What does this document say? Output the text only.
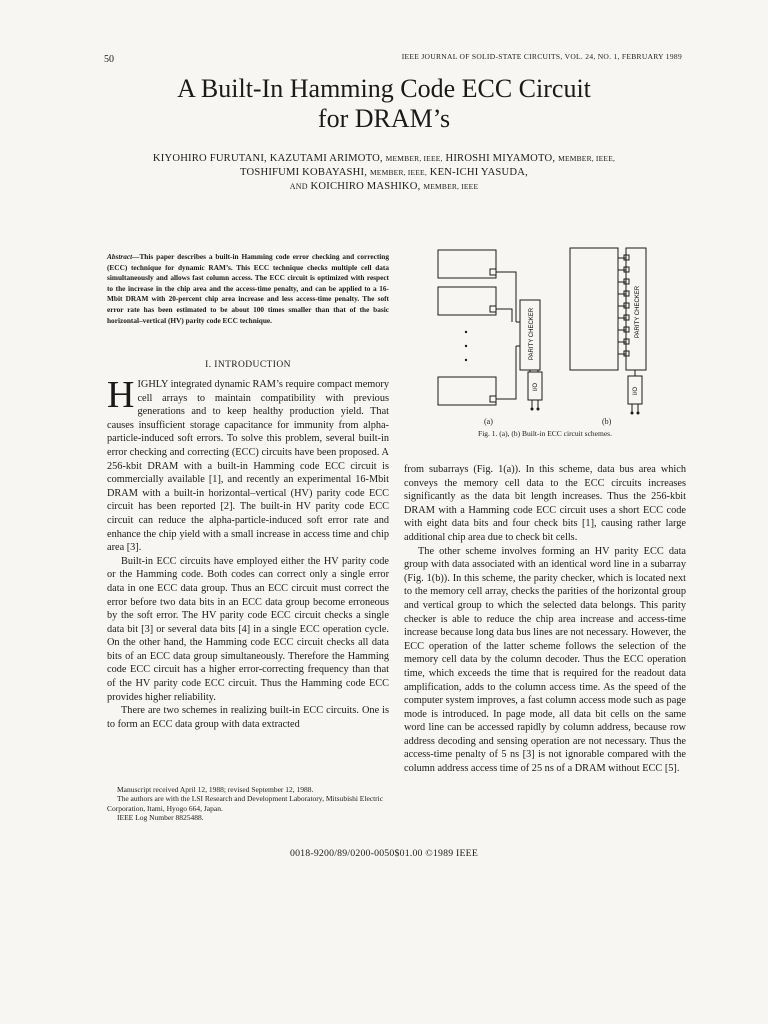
50	IEEE JOURNAL OF SOLID-STATE CIRCUITS, VOL. 24, NO. 1, FEBRUARY 1989
A Built-In Hamming Code ECC Circuit
for DRAM’s
KIYOHIRO FURUTANI, KAZUTAMI ARIMOTO, MEMBER, IEEE, HIROSHI MIYAMOTO, MEMBER, IEEE,
TOSHIFUMI KOBAYASHI, MEMBER, IEEE, KEN-ICHI YASUDA,
AND KOICHIRO MASHIKO, MEMBER, IEEE
Abstract—This paper describes a built-in Hamming code error checking and correcting (ECC) technique for dynamic RAM’s. This ECC technique checks multiple cell data simultaneously and allows fast column access. The ECC circuit is optimized with respect to the increase in the chip area and the access-time penalty, and can be applied to a 16-Mbit DRAM with 20-percent chip area increase and less access-time penalty. The soft error rate has been estimated to be about 100 times smaller than that of the basic horizontal–vertical (HV) parity code ECC technique.
I. INTRODUCTION

HIGHLY integrated dynamic RAM’s require compact memory cell arrays to maintain compatibility with previous generations and to keep healthy production yield. That causes insufficient storage capacitance for immunity from alpha-particle-induced soft errors. To solve this problem, several built-in error checking and correcting (ECC) circuits have been proposed. A 256-kbit DRAM with a built-in Hamming code ECC circuit is commercially available [1], and recently an experimental 16-Mbit DRAM with a built-in horizontal–vertical (HV) parity code ECC circuit has been reported [2]. The built-in HV parity code ECC circuit can reduce the alpha-particle-induced soft error rate and enhance the chip yield with a small increase in access time and chip area [3].

Built-in ECC circuits have employed either the HV parity code or the Hamming code. Both codes can correct only a single error data in one ECC data group. Thus an ECC circuit must correct the error before two data bits in an ECC data group become erroneous by the soft error. The HV parity code ECC circuit checks a single data bit [3] or several data bits [4] in a single ECC operation cycle. On the other hand, the Hamming code ECC circuit checks all data bits of an ECC data group simultaneously. Therefore the Hamming code ECC circuit has a higher error-correcting frequency than that of the HV parity code ECC circuit. Thus the Hamming code ECC provides higher reliability.

There are two schemes in realizing built-in ECC circuits. One is to form an ECC data group with data extracted

Manuscript received April 12, 1988; revised September 12, 1988.
The authors are with the LSI Research and Development Laboratory, Mitsubishi Electric Corporation, Itami, Hyogo 664, Japan.
IEEE Log Number 8825488.
PARITY CHECKER	PARITY CHECKER
I/O	I/O
(a)	(b)
Fig. 1. (a), (b) Built-in ECC circuit schemes.

from subarrays (Fig. 1(a)). In this scheme, data bus area which conveys the memory cell data to the ECC circuits increases significantly as the data bit length increases. Thus the 256-kbit DRAM with a Hamming code ECC circuit uses a short ECC code with eight data bits and four check bits [1], causing rather large additional chip area due to check bit cells.

The other scheme involves forming an HV parity ECC data group with data associated with an identical word line in a subarray (Fig. 1(b)). In this scheme, the parity checker, which is located next to the memory cell array, checks the parities of the horizontal group and vertical group to which the selected data belongs. This parity checker is able to reduce the chip area increase and access-time increase because long data bus lines are not necessary. However, the ECC operation of the latter scheme follows the selection of the memory cell data by the column decoder. Thus the ECC operation time, which exceeds the time that is required for the readout data amplification, adds to the column access time. As the speed of the computer system improves, a fast column access mode such as page mode is introduced. In page mode, all data bit cells on the same word line can be accessed rapidly by column address, because row address decoding and sensing operation are not necessary. Thus the access-time penalty of 5 ns [3] is not ignorable compared with the column address access time of 25 ns of a DRAM without ECC [5].

0018-9200/89/0200-0050$01.00 ©1989 IEEE
